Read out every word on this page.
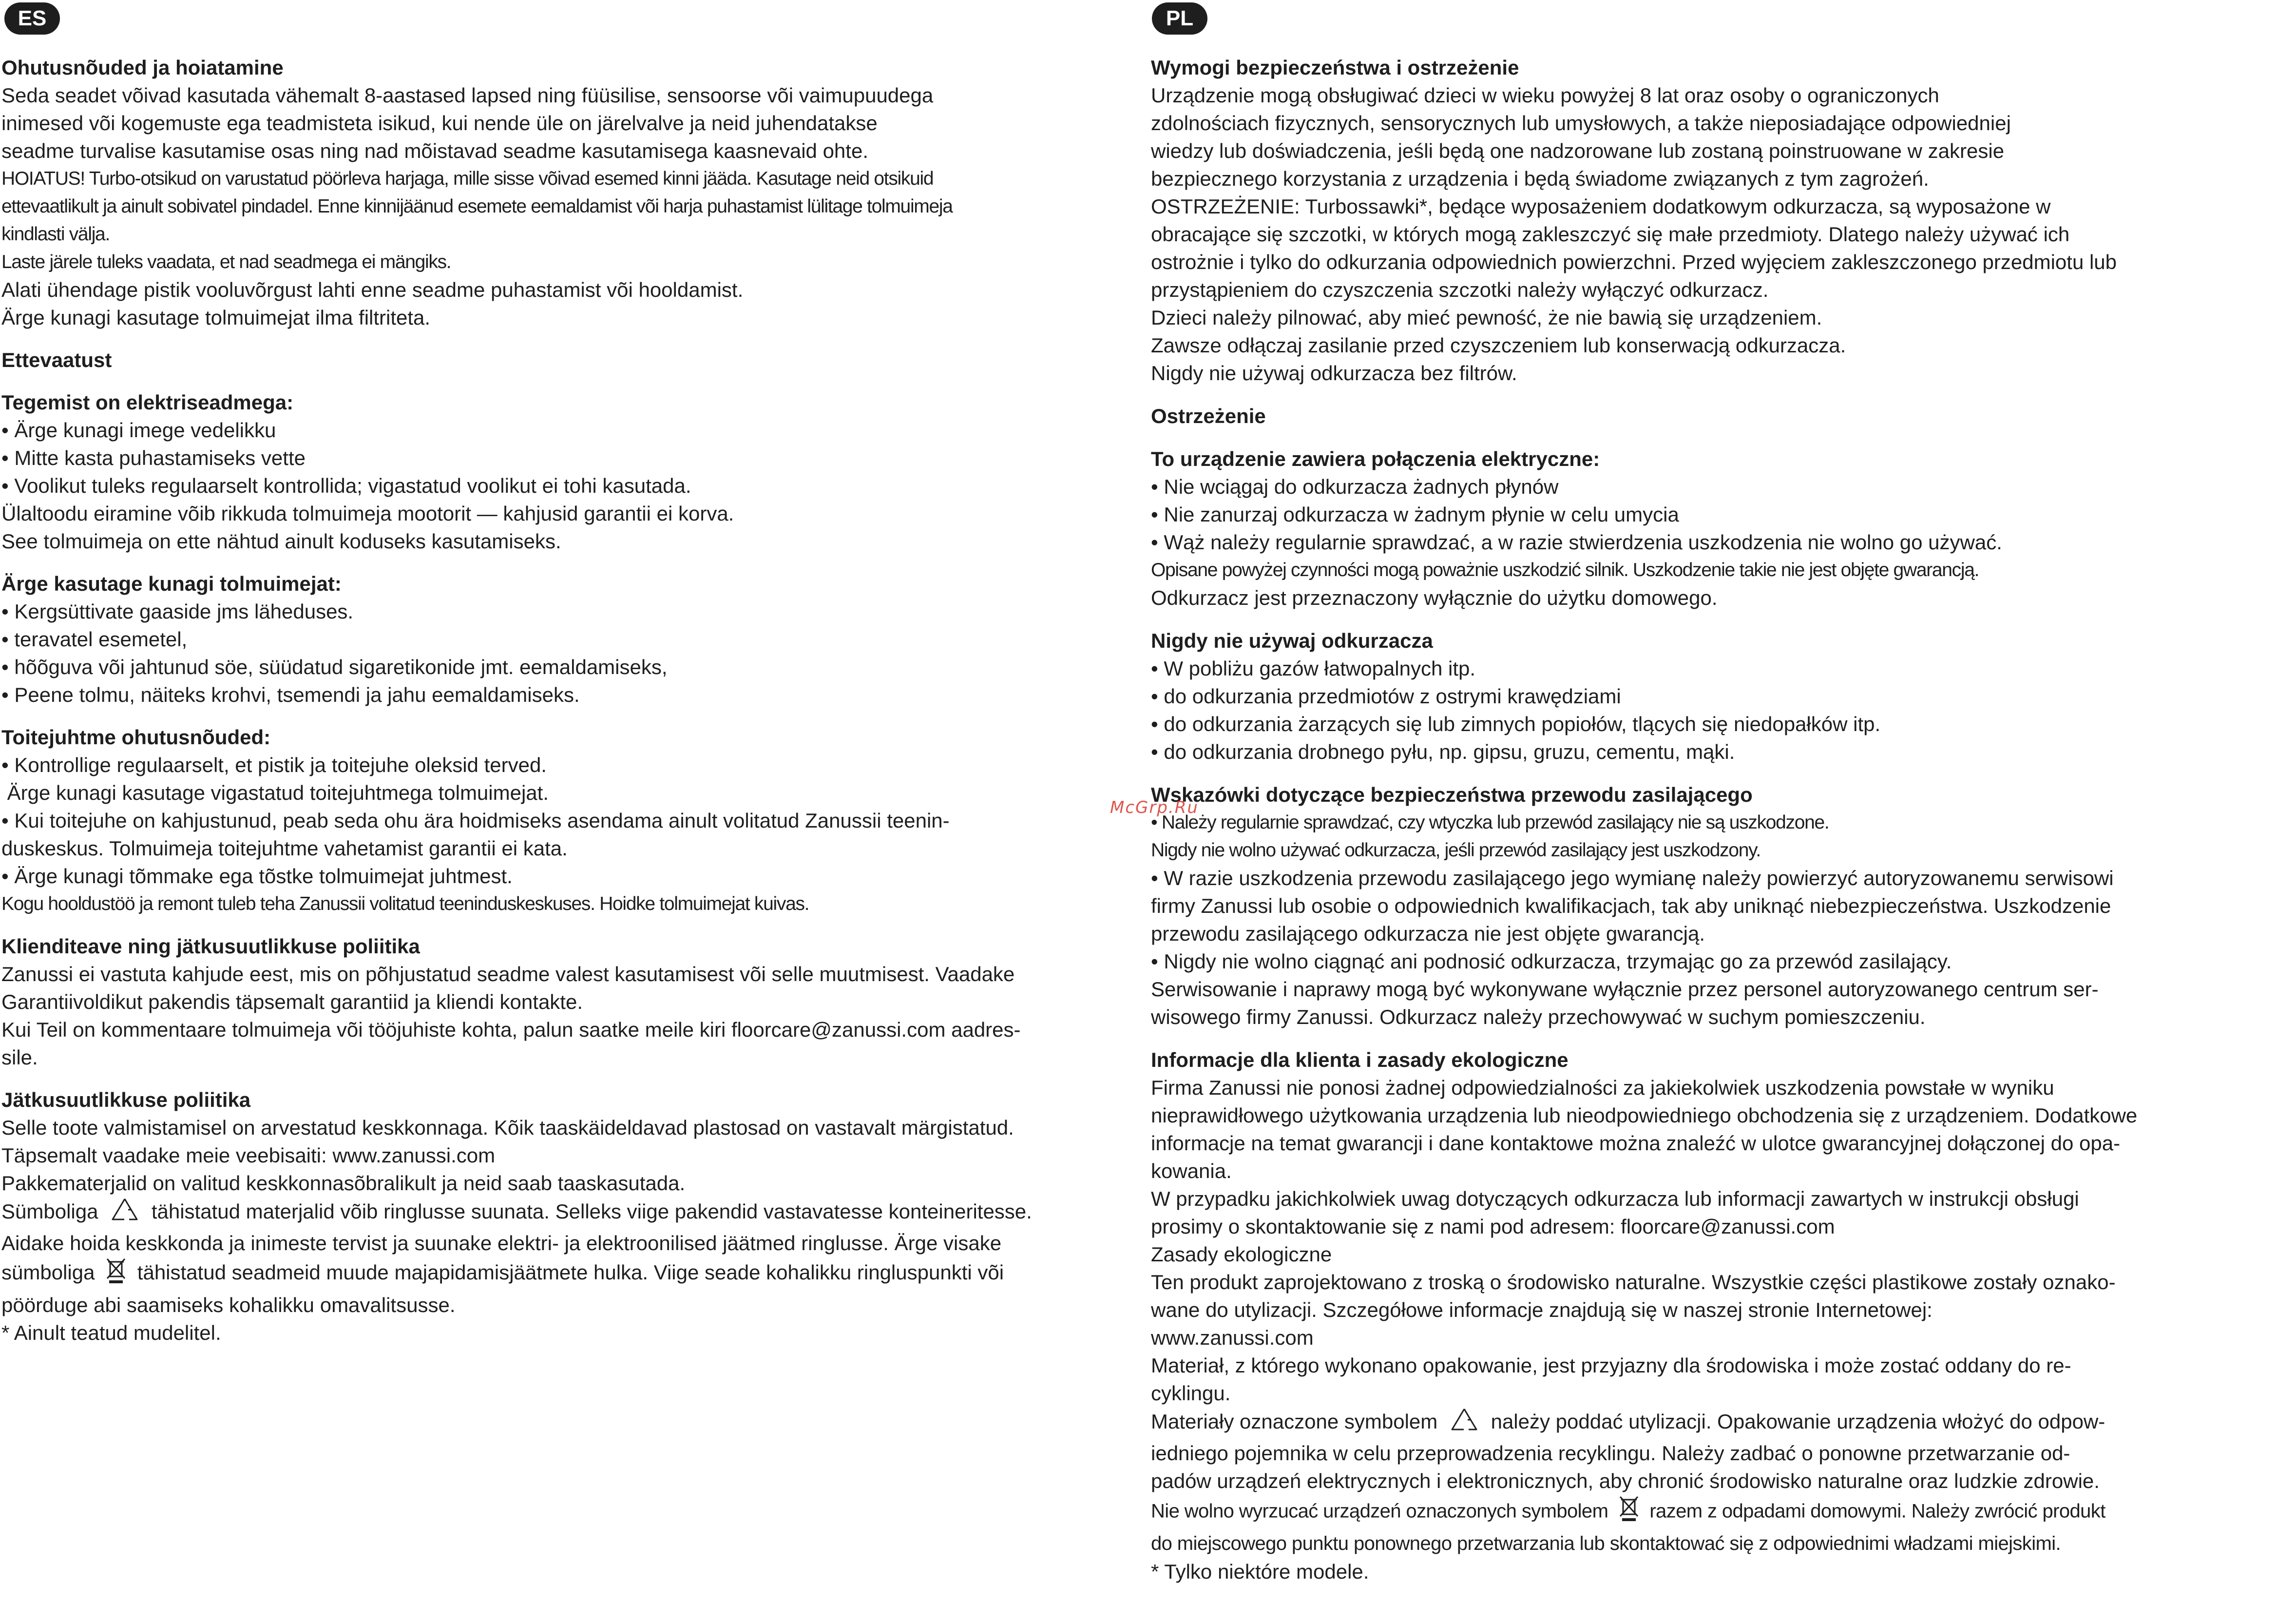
ES
Ohutusnõuded ja hoiatamine

Seda seadet võivad kasutada vähemalt 8-aastased lapsed ning füüsilise, sensoorse või vaimupuudega

inimesed või kogemuste ega teadmisteta isikud, kui nende üle on järelvalve ja neid juhendatakse

seadme turvalise kasutamise osas ning nad mõistavad seadme kasutamisega kaasnevaid ohte.

HOIATUS! Turbo-otsikud on varustatud pöörleva harjaga, mille sisse võivad esemed kinni jääda. Kasutage neid otsikuid

ettevaatlikult ja ainult sobivatel pindadel. Enne kinnijäänud esemete eemaldamist või harja puhastamist lülitage tolmuimeja

kindlasti välja.

Laste järele tuleks vaadata, et nad seadmega ei mängiks.

Alati ühendage pistik vooluvõrgust lahti enne seadme puhastamist või hooldamist.

Ärge kunagi kasutage tolmuimejat ilma filtriteta.

Ettevaatust
Tegemist on elektriseadmega:

• Ärge kunagi imege vedelikku

• Mitte kasta puhastamiseks vette

• Voolikut tuleks regulaarselt kontrollida; vigastatud voolikut ei tohi kasutada.

Ülaltoodu eiramine võib rikkuda tolmuimeja mootorit — kahjusid garantii ei korva.

See tolmuimeja on ette nähtud ainult koduseks kasutamiseks.

Ärge kasutage kunagi tolmuimejat:

• Kergsüttivate gaaside jms läheduses.

• teravatel esemetel,

• hõõguva või jahtunud söe, süüdatud sigaretikonide jmt. eemaldamiseks,

• Peene tolmu, näiteks krohvi, tsemendi ja jahu eemaldamiseks.

Toitejuhtme ohutusnõuded:

• Kontrollige regulaarselt, et pistik ja toitejuhe oleksid terved.

Ärge kunagi kasutage vigastatud toitejuhtmega tolmuimejat.

• Kui toitejuhe on kahjustunud, peab seda ohu ära hoidmiseks asendama ainult volitatud Zanussii teenin-

duskeskus. Tolmuimeja toitejuhtme vahetamist garantii ei kata.

• Ärge kunagi tõmmake ega tõstke tolmuimejat juhtmest.

Kogu hooldustöö ja remont tuleb teha Zanussii volitatud teeninduskeskuses. Hoidke tolmuimejat kuivas.

Klienditeave ning jätkusuutlikkuse poliitika

Zanussi ei vastuta kahjude eest, mis on põhjustatud seadme valest kasutamisest või selle muutmisest. Vaadake

Garantiivoldikut pakendis täpsemalt garantiid ja kliendi kontakte.

Kui Teil on kommentaare tolmuimeja või tööjuhiste kohta, palun saatke meile kiri floorcare@zanussi.com aadres-

sile.

Jätkusuutlikkuse poliitika

Selle toote valmistamisel on arvestatud keskkonnaga. Kõik taaskäideldavad plastosad on vastavalt märgistatud.

Täpsemalt vaadake meie veebisaiti: www.zanussi.com

Pakkematerjalid on valitud keskkonnasõbralikult ja neid saab taaskasutada.

Sümboliga	tähistatud materjalid võib ringlusse suunata. Selleks viige pakendid vastavatesse konteineritesse.

Aidake hoida keskkonda ja inimeste tervist ja suunake elektri- ja elektroonilised jäätmed ringlusse. Ärge visake

sümboliga tähistatud seadmeid muude majapidamisjäätmete hulka. Viige seade kohalikku ringluspunkti või

pöörduge abi saamiseks kohalikku omavalitsusse.

* Ainult teatud mudelitel.

PL
Wymogi bezpieczeństwa i ostrzeżenie

Urządzenie mogą obsługiwać dzieci w wieku powyżej 8 lat oraz osoby o ograniczonych

zdolnościach fizycznych, sensorycznych lub umysłowych, a także nieposiadające odpowiedniej

wiedzy lub doświadczenia, jeśli będą one nadzorowane lub zostaną poinstruowane w zakresie

bezpiecznego korzystania z urządzenia i będą świadome związanych z tym zagrożeń.

OSTRZEŻENIE: Turbossawki*, będące wyposażeniem dodatkowym odkurzacza, są wyposażone w

obracające się szczotki, w których mogą zakleszczyć się małe przedmioty. Dlatego należy używać ich

ostrożnie i tylko do odkurzania odpowiednich powierzchni. Przed wyjęciem zakleszczonego przedmiotu lub

przystąpieniem do czyszczenia szczotki należy wyłączyć odkurzacz.

Dzieci należy pilnować, aby mieć pewność, że nie bawią się urządzeniem.

Zawsze odłączaj zasilanie przed czyszczeniem lub konserwacją odkurzacza.

Nigdy nie używaj odkurzacza bez filtrów.

Ostrzeżenie
To urządzenie zawiera połączenia elektryczne:

• Nie wciągaj do odkurzacza żadnych płynów

• Nie zanurzaj odkurzacza w żadnym płynie w celu umycia

• Wąż należy regularnie sprawdzać, a w razie stwierdzenia uszkodzenia nie wolno go używać.

Opisane powyżej czynności mogą poważnie uszkodzić silnik. Uszkodzenie takie nie jest objęte gwarancją.

Odkurzacz jest przeznaczony wyłącznie do użytku domowego.

Nigdy nie używaj odkurzacza

• W pobliżu gazów łatwopalnych itp.

• do odkurzania przedmiotów z ostrymi krawędziami

• do odkurzania żarzących się lub zimnych popiołów, tlących się niedopałków itp.

• do odkurzania drobnego pyłu, np. gipsu, gruzu, cementu, mąki.

Wskazówki dotyczące bezpieczeństwa przewodu zasilającego

• Należy regularnie sprawdzać, czy wtyczka lub przewód zasilający nie są uszkodzone.

Nigdy nie wolno używać odkurzacza, jeśli przewód zasilający jest uszkodzony.

• W razie uszkodzenia przewodu zasilającego jego wymianę należy powierzyć autoryzowanemu serwisowi

firmy Zanussi lub osobie o odpowiednich kwalifikacjach, tak aby uniknąć niebezpieczeństwa. Uszkodzenie

przewodu zasilającego odkurzacza nie jest objęte gwarancją.

• Nigdy nie wolno ciągnąć ani podnosić odkurzacza, trzymając go za przewód zasilający.

Serwisowanie i naprawy mogą być wykonywane wyłącznie przez personel autoryzowanego centrum ser-

wisowego firmy Zanussi. Odkurzacz należy przechowywać w suchym pomieszczeniu.

Informacje dla klienta i zasady ekologiczne

Firma Zanussi nie ponosi żadnej odpowiedzialności za jakiekolwiek uszkodzenia powstałe w wyniku

nieprawidłowego użytkowania urządzenia lub nieodpowiedniego obchodzenia się z urządzeniem. Dodatkowe

informacje na temat gwarancji i dane kontaktowe można znaleźć w ulotce gwarancyjnej dołączonej do opa-

kowania.

W przypadku jakichkolwiek uwag dotyczących odkurzacza lub informacji zawartych w instrukcji obsługi

prosimy o skontaktowanie się z nami pod adresem: floorcare@zanussi.com

Zasady ekologiczne

Ten produkt zaprojektowano z troską o środowisko naturalne. Wszystkie części plastikowe zostały oznako-

wane do utylizacji. Szczegółowe informacje znajdują się w naszej stronie Internetowej:

www.zanussi.com

Materiał, z którego wykonano opakowanie, jest przyjazny dla środowiska i może zostać oddany do re-

cyklingu.

Materiały oznaczone symbolem	należy poddać utylizacji. Opakowanie urządzenia włożyć do odpow-

iedniego pojemnika w celu przeprowadzenia recyklingu. Należy zadbać o ponowne przetwarzanie od-

padów urządzeń elektrycznych i elektronicznych, aby chronić środowisko naturalne oraz ludzkie zdrowie.

Nie wolno wyrzucać urządzeń oznaczonych symbolem razem z odpadami domowymi. Należy zwrócić produkt

do miejscowego punktu ponownego przetwarzania lub skontaktować się z odpowiednimi władzami miejskimi.

* Tylko niektóre modele.

McGrp.Ru
